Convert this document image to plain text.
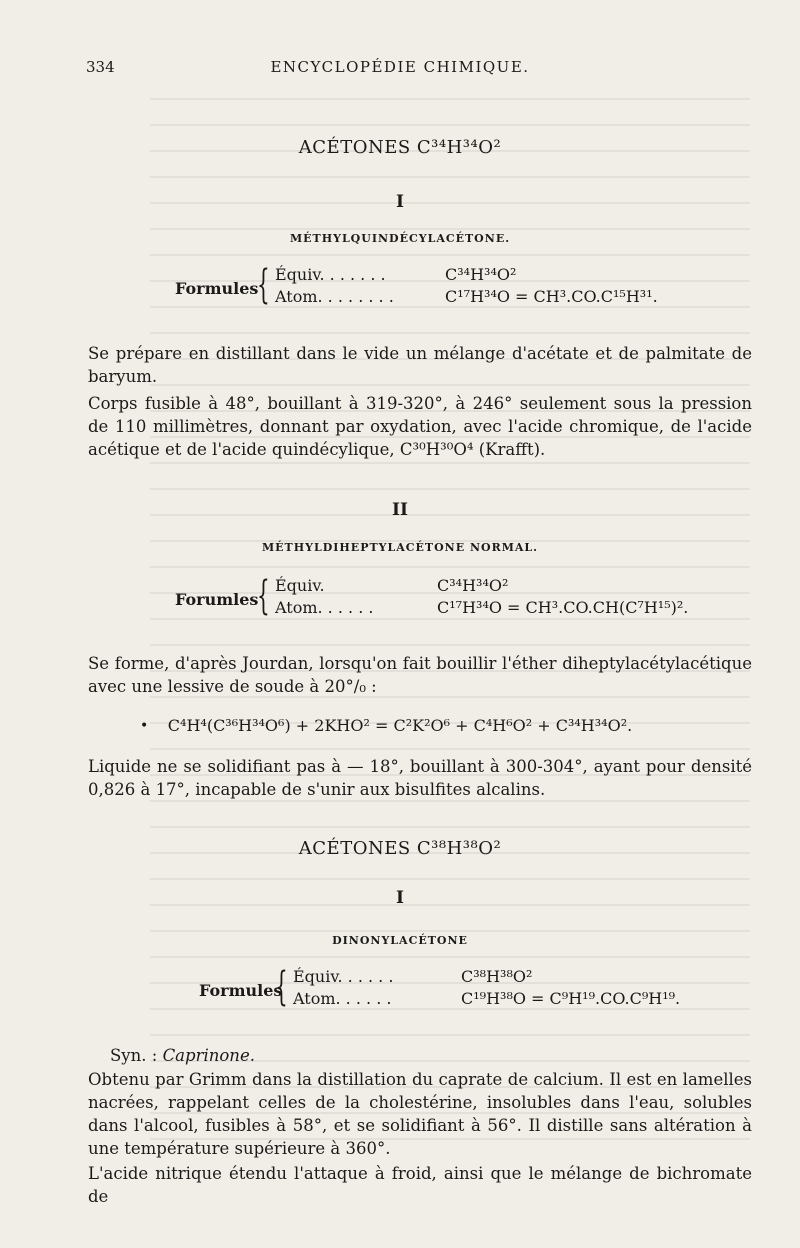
334	ENCYCLOPÉDIE CHIMIQUE.
ACÉTONES C³⁴H³⁴O²
I
MÉTHYLQUINDÉCYLACÉTONE.
Formules
{ Équiv. . . . . . .	C³⁴H³⁴O²
Atom. . . . . . . .	C¹⁷H³⁴O = CH³.CO.C¹⁵H³¹.
Se prépare en distillant dans le vide un mélange d'acétate et de palmitate de baryum.
Corps fusible à 48°, bouillant à 319-320°, à 246° seulement sous la pression de 110 millimètres, donnant par oxydation, avec l'acide chromique, de l'acide acétique et de l'acide quindécylique, C³⁰H³⁰O⁴ (Krafft).
II
MÉTHYLDIHEPTYLACÉTONE NORMAL.
Forumles
{ Équiv.	C³⁴H³⁴O²
Atom. . . . . .	C¹⁷H³⁴O = CH³.CO.CH(C⁷H¹⁵)².
Se forme, d'après Jourdan, lorsqu'on fait bouillir l'éther diheptylacétylacétique avec une lessive de soude à 20°/₀ :
•	C⁴H⁴(C³⁶H³⁴O⁶) + 2KHO² = C²K²O⁶ + C⁴H⁶O² + C³⁴H³⁴O².
Liquide ne se solidifiant pas à — 18°, bouillant à 300-304°, ayant pour densité 0,826 à 17°, incapable de s'unir aux bisulfites alcalins.
ACÉTONES C³⁸H³⁸O²
I
DINONYLACÉTONE
Formules
{ Équiv. . . . . .	C³⁸H³⁸O²
Atom. . . . . .	C¹⁹H³⁸O = C⁹H¹⁹.CO.C⁹H¹⁹.
Syn. : Caprinone.
Obtenu par Grimm dans la distillation du caprate de calcium. Il est en lamelles nacrées, rappelant celles de la cholestérine, insolubles dans l'eau, solubles dans l'alcool, fusibles à 58°, et se solidifiant à 56°. Il distille sans altération à une température supérieure à 360°.
L'acide nitrique étendu l'attaque à froid, ainsi que le mélange de bichromate de
